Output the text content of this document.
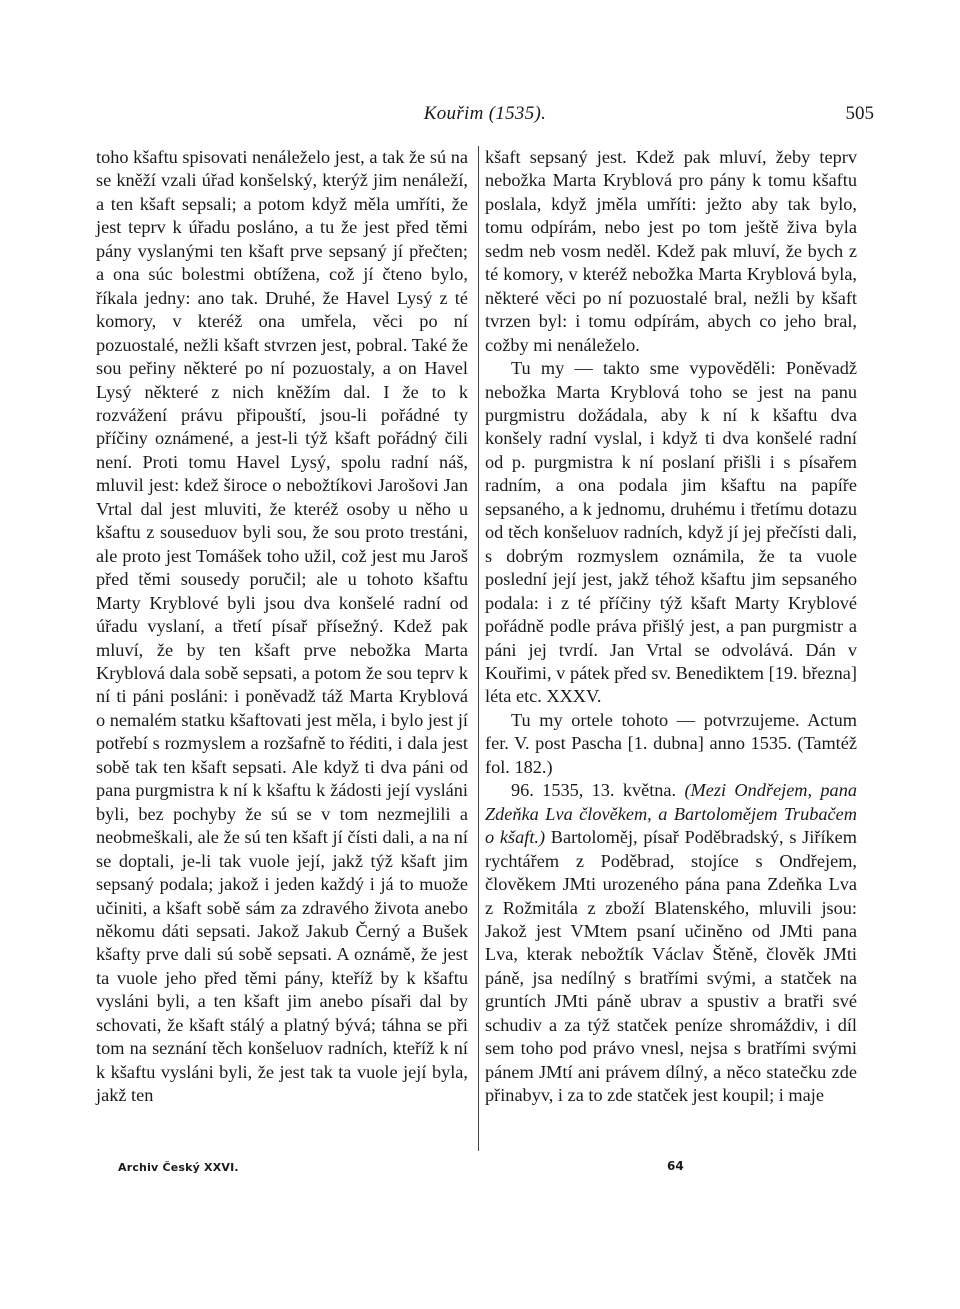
Kouřim (1535).	505

toho kšaftu spisovati nenáleželo jest, a tak že sú na se kněží vzali úřad konšelský, kterýž jim nenáleží, a ten kšaft sepsali; a potom když měla umříti, že jest teprv k úřadu posláno, a tu že jest před těmi pány vyslanými ten kšaft prve sepsaný jí přečten; a ona súc bolestmi obtížena, což jí čteno bylo, říkala jedny: ano tak. Druhé, že Havel Lysý z té komory, v kteréž ona umřela, věci po ní pozuostalé, nežli kšaft stvrzen jest, pobral. Také že sou peřiny některé po ní pozuostaly, a on Havel Lysý některé z nich kněžím dal. I že to k rozvážení právu připouští, jsou-li pořádné ty příčiny oznámené, a jest-li týž kšaft pořádný čili není. Proti tomu Havel Lysý, spolu radní náš, mluvil jest: kdež široce o nebožtíkovi Jarošovi Jan Vrtal dal jest mluviti, že kteréž osoby u něho u kšaftu z souseduov byli sou, že sou proto trestáni, ale proto jest Tomášek toho užil, což jest mu Jaroš před těmi sousedy poručil; ale u tohoto kšaftu Marty Kryblové byli jsou dva konšelé radní od úřadu vyslaní, a třetí písař přísežný. Kdež pak mluví, že by ten kšaft prve nebožka Marta Kryblová dala sobě sepsati, a potom že sou teprv k ní ti páni posláni: i poněvadž táž Marta Kryblová o nemalém statku kšaftovati jest měla, i bylo jest jí potřebí s rozmyslem a rozšafně to řéditi, i dala jest sobě tak ten kšaft sepsati. Ale když ti dva páni od pana purgmistra k ní k kšaftu k žádosti její vysláni byli, bez pochyby že sú se v tom nezmejlili a neobmeškali, ale že sú ten kšaft jí čísti dali, a na ní se doptali, je-li tak vuole její, jakž týž kšaft jim sepsaný podala; jakož i jeden každý i já to muože učiniti, a kšaft sobě sám za zdravého života anebo někomu dáti sepsati. Jakož Jakub Černý a Bušek kšafty prve dali sú sobě sepsati. A oznámě, že jest ta vuole jeho před těmi pány, kteříž by k kšaftu vysláni byli, a ten kšaft jim anebo písaři dal by schovati, že kšaft stálý a platný bývá; táhna se při tom na seznání těch konšeluov radních, kteříž k ní k kšaftu vysláni byli, že jest tak ta vuole její byla, jakž ten

kšaft sepsaný jest. Kdež pak mluví, žeby teprv nebožka Marta Kryblová pro pány k tomu kšaftu poslala, když jměla umříti: ježto aby tak bylo, tomu odpírám, nebo jest po tom ještě živa byla sedm neb vosm neděl. Kdež pak mluví, že bych z té komory, v kteréž nebožka Marta Kryblová byla, některé věci po ní pozuostalé bral, nežli by kšaft tvrzen byl: i tomu odpírám, abych co jeho bral, cožby mi nenáleželo.

Tu my — takto sme vypověděli: Poněvadž nebožka Marta Kryblová toho se jest na panu purgmistru dožádala, aby k ní k kšaftu dva konšely radní vyslal, i když ti dva konšelé radní od p. purgmistra k ní poslaní přišli i s písařem radním, a ona podala jim kšaftu na papíře sepsaného, a k jednomu, druhému i třetímu dotazu od těch konšeluov radních, když jí jej přečísti dali, s dobrým rozmyslem oznámila, že ta vuole poslední její jest, jakž téhož kšaftu jim sepsaného podala: i z té příčiny týž kšaft Marty Kryblové pořádně podle práva přišlý jest, a pan purgmistr a páni jej tvrdí. Jan Vrtal se odvolává. Dán v Kouřimi, v pátek před sv. Benediktem [19. března] léta etc. XXXV.

Tu my ortele tohoto — potvrzujeme. Actum fer. V. post Pascha [1. dubna] anno 1535. (Tamtéž fol. 182.)

96. 1535, 13. května. (Mezi Ondřejem, pana Zdeňka Lva člověkem, a Bartolomějem Trubačem o kšaft.) Bartoloměj, písař Poděbradský, s Jiříkem rychtářem z Poděbrad, stojíce s Ondřejem, člověkem JMti urozeného pána pana Zdeňka Lva z Rožmitála z zboží Blatenského, mluvili jsou: Jakož jest VMtem psaní učiněno od JMti pana Lva, kterak nebožtík Václav Štěně, člověk JMti páně, jsa nedílný s bratřími svými, a statček na gruntích JMti páně ubrav a spustiv a bratři své schudiv a za týž statček peníze shromáždiv, i díl sem toho pod právo vnesl, nejsa s bratřími svými pánem JMtí ani právem dílný, a něco statečku zde přinabyv, i za to zde statček jest koupil; i maje

Archiv Český XXVI.	64
